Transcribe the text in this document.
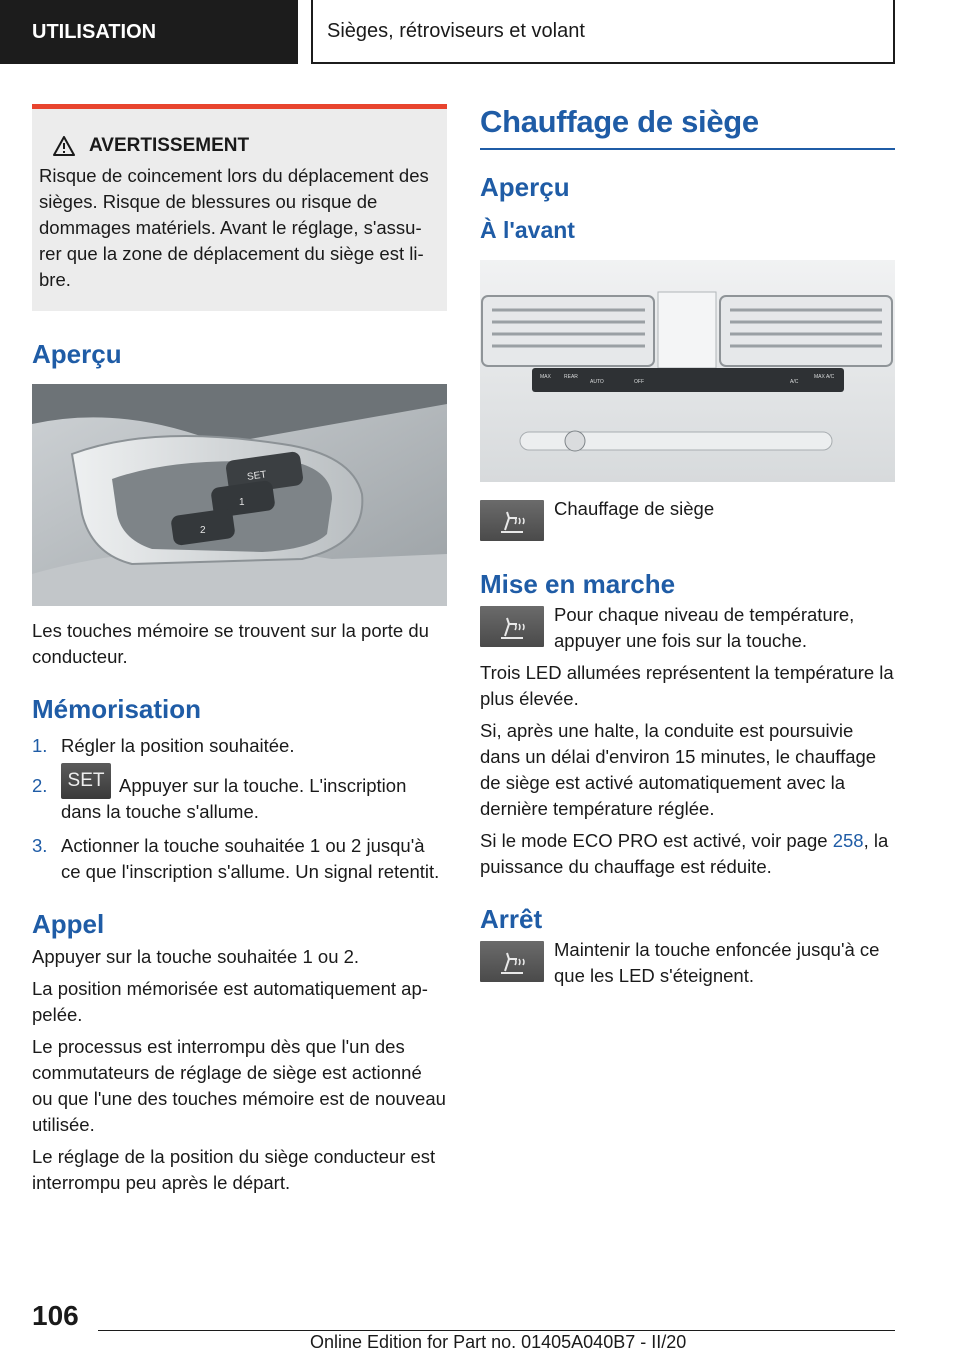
UTILISATION	Sièges, rétroviseurs et volant
AVERTISSEMENT

Risque de coincement lors du déplacement des sièges. Risque de blessures ou risque de dommages matériels. Avant le réglage, s'assurer que la zone de déplacement du siège est libre.

Aperçu
SET
1
2

Les touches mémoire se trouvent sur la porte du conducteur.

Mémorisation
1. Régler la position souhaitée.
2.	SET Appuyer sur la touche. L'inscription dans la touche s'allume.
3. Actionner la touche souhaitée 1 ou 2 jusqu'à ce que l'inscription s'allume. Un signal retentit.
Appel

Appuyer sur la touche souhaitée 1 ou 2.

La position mémorisée est automatiquement appelée.

Le processus est interrompu dès que l'un des commutateurs de réglage de siège est actionné ou que l'une des touches mémoire est de nouveau utilisée.

Le réglage de la position du siège conducteur est interrompu peu après le départ.

Chauffage de siège
Aperçu
À l'avant
MAX	REAR
AUTO	OFF	A/C
MAX A/C
Chauffage de siège
Mise en marche
Pour chaque niveau de température, appuyer une fois sur la touche.

Trois LED allumées représentent la température la plus élevée.

Si, après une halte, la conduite est poursuivie dans un délai d'environ 15 minutes, le chauffage de siège est activé automatiquement avec la dernière température réglée.

Si le mode ECO PRO est activé, voir page 258, la puissance du chauffage est réduite.

Arrêt
Maintenir la touche enfoncée jusqu'à ce que les LED s'éteignent.
106
Online Edition for Part no. 01405A040B7 - II/20
